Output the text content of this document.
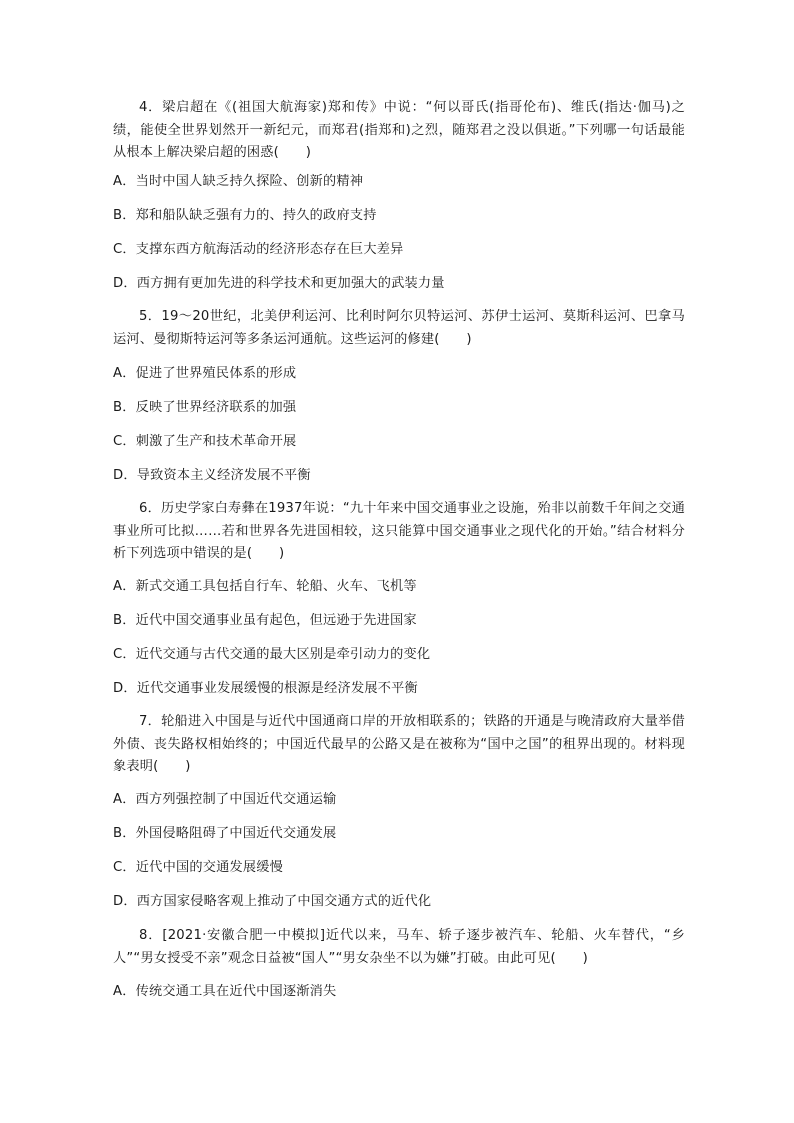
4．梁启超在《(祖国大航海家)郑和传》中说：“何以哥氏(指哥伦布)、维氏(指达·伽马)之绩，能使全世界划然开一新纪元，而郑君(指郑和)之烈，随郑君之没以俱逝。”下列哪一句话最能从根本上解决梁启超的困惑(　　)
A．当时中国人缺乏持久探险、创新的精神
B．郑和船队缺乏强有力的、持久的政府支持
C．支撑东西方航海活动的经济形态存在巨大差异
D．西方拥有更加先进的科学技术和更加强大的武装力量
5．19～20世纪，北美伊利运河、比利时阿尔贝特运河、苏伊士运河、莫斯科运河、巴拿马运河、曼彻斯特运河等多条运河通航。这些运河的修建(　　)
A．促进了世界殖民体系的形成
B．反映了世界经济联系的加强
C．刺激了生产和技术革命开展
D．导致资本主义经济发展不平衡
6．历史学家白寿彝在1937年说：“九十年来中国交通事业之设施，殆非以前数千年间之交通事业所可比拟……若和世界各先进国相较，这只能算中国交通事业之现代化的开始。”结合材料分析下列选项中错误的是(　　)
A．新式交通工具包括自行车、轮船、火车、飞机等
B．近代中国交通事业虽有起色，但远逊于先进国家
C．近代交通与古代交通的最大区别是牵引动力的变化
D．近代交通事业发展缓慢的根源是经济发展不平衡
7．轮船进入中国是与近代中国通商口岸的开放相联系的；铁路的开通是与晚清政府大量举借外债、丧失路权相始终的；中国近代最早的公路又是在被称为“国中之国”的租界出现的。材料现象表明(　　)
A．西方列强控制了中国近代交通运输
B．外国侵略阻碍了中国近代交通发展
C．近代中国的交通发展缓慢
D．西方国家侵略客观上推动了中国交通方式的近代化
8．[2021·安徽合肥一中模拟]近代以来，马车、轿子逐步被汽车、轮船、火车替代，“乡人”“男女授受不亲”观念日益被“国人”“男女杂坐不以为嫌”打破。由此可见(　　)
A．传统交通工具在近代中国逐渐消失
